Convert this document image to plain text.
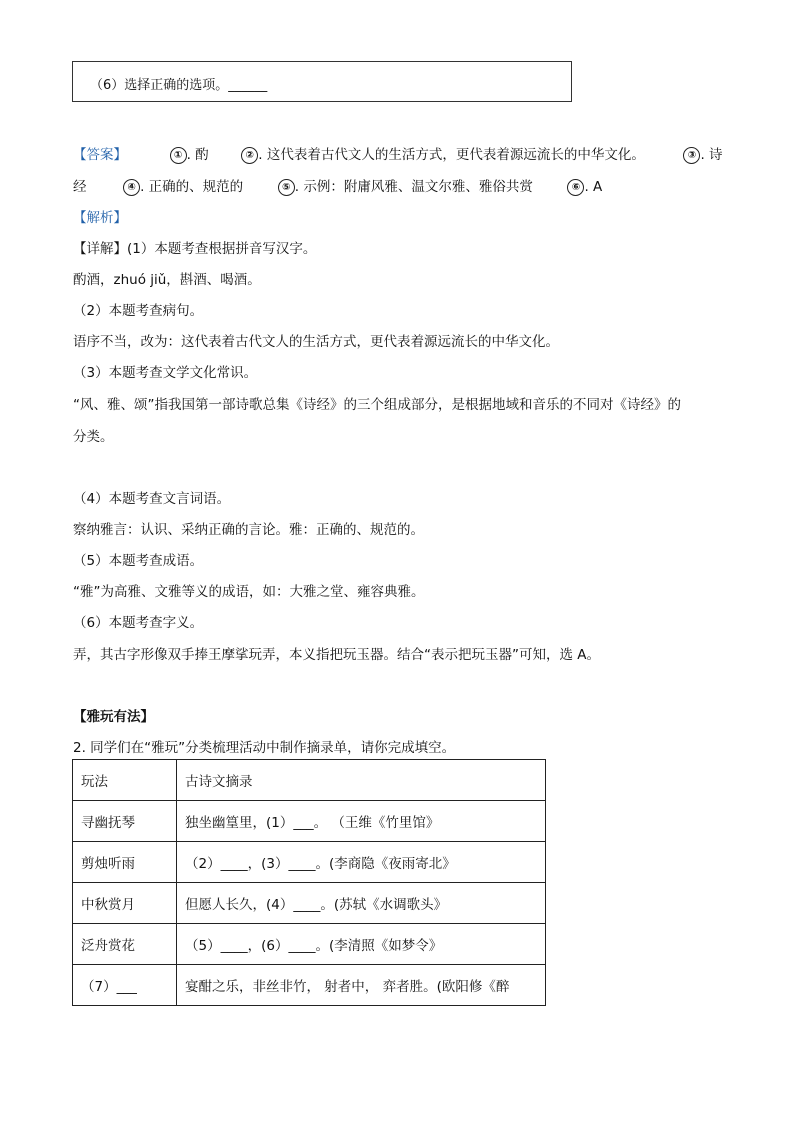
（6）选择正确的选项。______
【答案】	① . 酌	② . 这代表着古代文人的生活方式，更代表着源远流长的中华文化。	③ . 诗
经	④ . 正确的、规范的	⑤ . 示例：附庸风雅、温文尔雅、雅俗共赏	⑥ . A
【解析】
【详解】(1）本题考查根据拼音写汉字。
酌酒，zhuó jiǔ，斟酒、喝酒。
（2）本题考查病句。
语序不当，改为：这代表着古代文人的生活方式，更代表着源远流长的中华文化。
（3）本题考查文学文化常识。
“风、雅、颂”指我国第一部诗歌总集《诗经》的三个组成部分，是根据地域和音乐的不同对《诗经》的
分类。
（4）本题考查文言词语。
察纳雅言：认识、采纳正确的言论。雅：正确的、规范的。
（5）本题考查成语。
“雅”为高雅、文雅等义的成语，如：大雅之堂、雍容典雅。
（6）本题考查字义。
弄，其古字形像双手捧王摩挲玩弄，本义指把玩玉器。结合“表示把玩玉器”可知，选 A。
【雅玩有法】
2. 同学们在“雅玩”分类梳理活动中制作摘录单，请你完成填空。
玩法	古诗文摘录
寻幽抚琴	独坐幽篁里，(1）___。 （王维《竹里馆》
剪烛听雨	（2）____，(3）____。(李商隐《夜雨寄北》
中秋赏月	但愿人长久，(4）____。(苏轼《水调歌头》
泛舟赏花	（5）____，(6）____。(李清照《如梦令》
（7）___	宴酣之乐，非丝非竹， 射者中， 弈者胜。(欧阳修《醉
